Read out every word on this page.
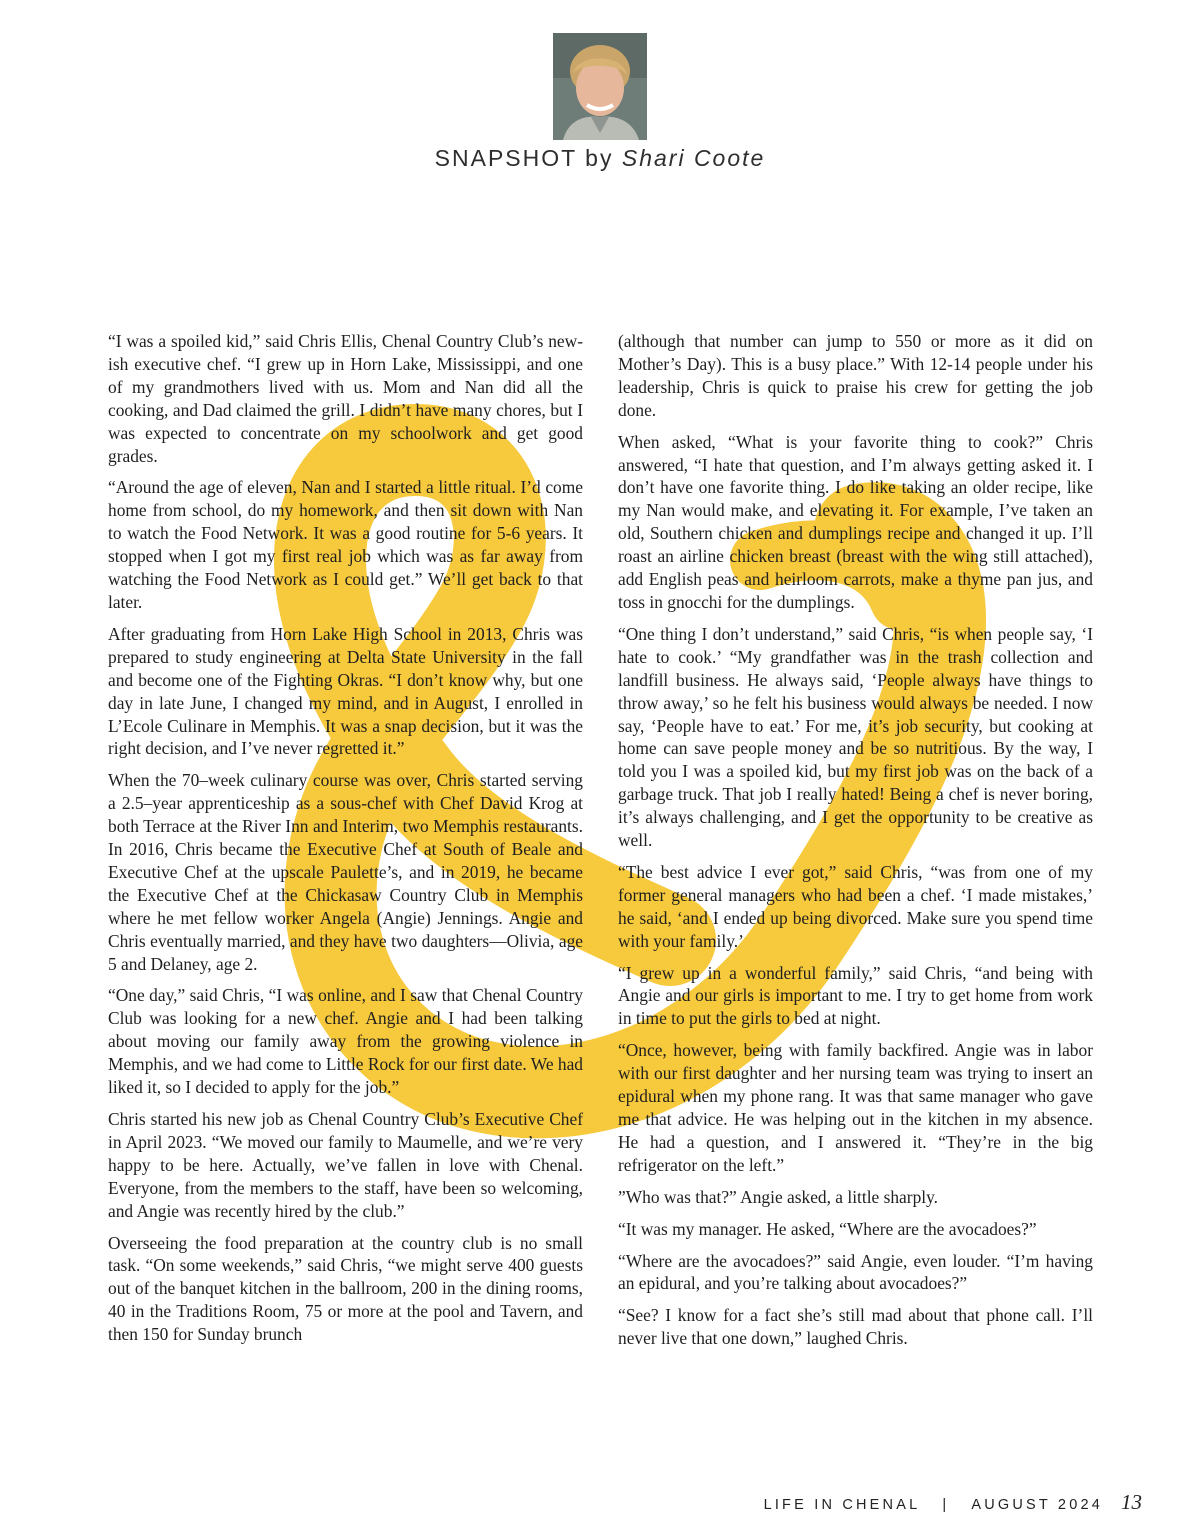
SNAPSHOT by Shari Coote

“I was a spoiled kid,” said Chris Ellis, Chenal Country Club’s new-ish executive chef. “I grew up in Horn Lake, Mississippi, and one of my grandmothers lived with us. Mom and Nan did all the cooking, and Dad claimed the grill. I didn’t have many chores, but I was expected to concentrate on my schoolwork and get good grades.

“Around the age of eleven, Nan and I started a little ritual. I’d come home from school, do my homework, and then sit down with Nan to watch the Food Network. It was a good routine for 5-6 years. It stopped when I got my first real job which was as far away from watching the Food Network as I could get.” We’ll get back to that later.

After graduating from Horn Lake High School in 2013, Chris was prepared to study engineering at Delta State University in the fall and become one of the Fighting Okras. “I don’t know why, but one day in late June, I changed my mind, and in August, I enrolled in L’Ecole Culinare in Memphis. It was a snap decision, but it was the right decision, and I’ve never regretted it.”

When the 70–week culinary course was over, Chris started serving a 2.5–year apprenticeship as a sous-chef with Chef David Krog at both Terrace at the River Inn and Interim, two Memphis restaurants. In 2016, Chris became the Executive Chef at South of Beale and Executive Chef at the upscale Paulette’s, and in 2019, he became the Executive Chef at the Chickasaw Country Club in Memphis where he met fellow worker Angela (Angie) Jennings. Angie and Chris eventually married, and they have two daughters—Olivia, age 5 and Delaney, age 2.

“One day,” said Chris, “I was online, and I saw that Chenal Country Club was looking for a new chef. Angie and I had been talking about moving our family away from the growing violence in Memphis, and we had come to Little Rock for our first date. We had liked it, so I decided to apply for the job.”

Chris started his new job as Chenal Country Club’s Executive Chef in April 2023. “We moved our family to Maumelle, and we’re very happy to be here. Actually, we’ve fallen in love with Chenal. Everyone, from the members to the staff, have been so welcoming, and Angie was recently hired by the club.”

Overseeing the food preparation at the country club is no small task. “On some weekends,” said Chris, “we might serve 400 guests out of the banquet kitchen in the ballroom, 200 in the dining rooms, 40 in the Traditions Room, 75 or more at the pool and Tavern, and then 150 for Sunday brunch

(although that number can jump to 550 or more as it did on Mother’s Day). This is a busy place.” With 12-14 people under his leadership, Chris is quick to praise his crew for getting the job done.

When asked, “What is your favorite thing to cook?” Chris answered, “I hate that question, and I’m always getting asked it. I don’t have one favorite thing. I do like taking an older recipe, like my Nan would make, and elevating it. For example, I’ve taken an old, Southern chicken and dumplings recipe and changed it up. I’ll roast an airline chicken breast (breast with the wing still attached), add English peas and heirloom carrots, make a thyme pan jus, and toss in gnocchi for the dumplings.

“One thing I don’t understand,” said Chris, “is when people say, ‘I hate to cook.’ “My grandfather was in the trash collection and landfill business. He always said, ‘People always have things to throw away,’ so he felt his business would always be needed. I now say, ‘People have to eat.’ For me, it’s job security, but cooking at home can save people money and be so nutritious. By the way, I told you I was a spoiled kid, but my first job was on the back of a garbage truck. That job I really hated! Being a chef is never boring, it’s always challenging, and I get the opportunity to be creative as well.

“The best advice I ever got,” said Chris, “was from one of my former general managers who had been a chef. ‘I made mistakes,’ he said, ‘and I ended up being divorced. Make sure you spend time with your family.’

“I grew up in a wonderful family,” said Chris, “and being with Angie and our girls is important to me. I try to get home from work in time to put the girls to bed at night.

“Once, however, being with family backfired. Angie was in labor with our first daughter and her nursing team was trying to insert an epidural when my phone rang. It was that same manager who gave me that advice. He was helping out in the kitchen in my absence. He had a question, and I answered it. “They’re in the big refrigerator on the left.”

”Who was that?” Angie asked, a little sharply.

“It was my manager. He asked, “Where are the avocadoes?”

“Where are the avocadoes?” said Angie, even louder. “I’m having an epidural, and you’re talking about avocadoes?”

“See? I know for a fact she’s still mad about that phone call. I’ll never live that one down,” laughed Chris.

LIFE IN CHENAL | AUGUST 2024 13
